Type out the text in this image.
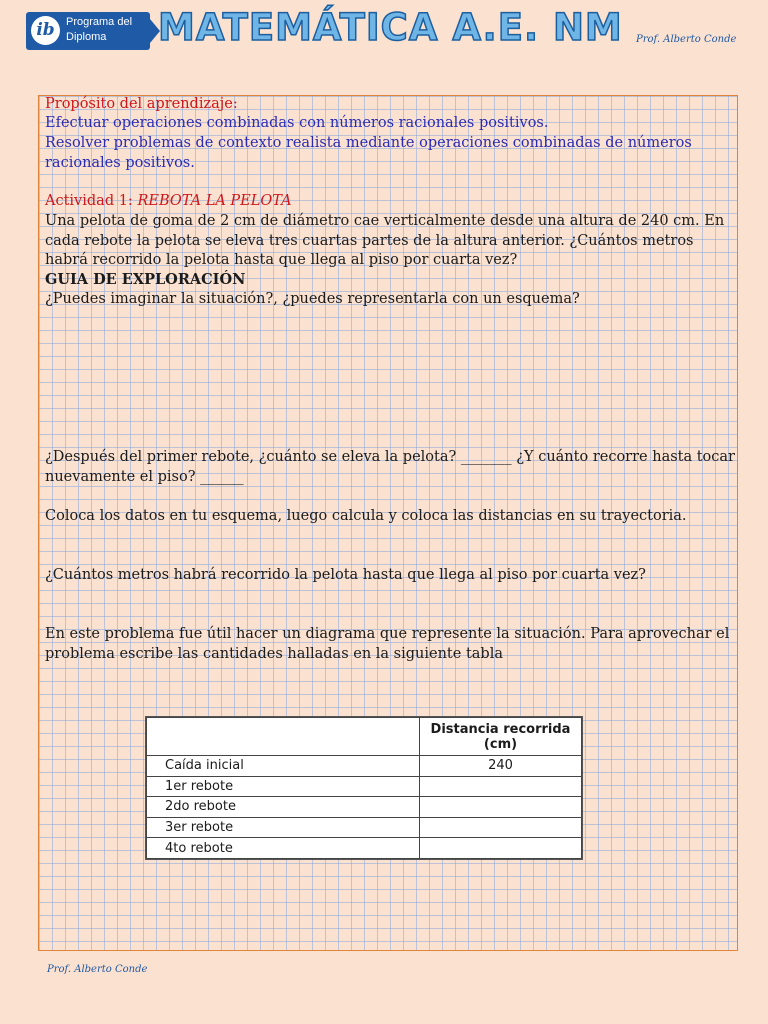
ib	Programa del Diploma	MATEMÁTICA A.E. NM Prof. Alberto Conde
Propósito del aprendizaje:
Efectuar operaciones combinadas con números racionales positivos.
Resolver problemas de contexto realista mediante operaciones combinadas de números racionales positivos.
Actividad 1: REBOTA LA PELOTA
Una pelota de goma de 2 cm de diámetro cae verticalmente desde una altura de 240 cm. En cada rebote la pelota se eleva tres cuartas partes de la altura anterior. ¿Cuántos metros habrá recorrido la pelota hasta que llega al piso por cuarta vez?
GUIA DE EXPLORACIÓN
¿Puedes imaginar la situación?, ¿puedes representarla con un esquema?
¿Después del primer rebote, ¿cuánto se eleva la pelota? _______ ¿Y cuánto recorre hasta tocar nuevamente el piso? ______
Coloca los datos en tu esquema, luego calcula y coloca las distancias en su trayectoria.
¿Cuántos metros habrá recorrido la pelota hasta que llega al piso por cuarta vez?
En este problema fue útil hacer un diagrama que represente la situación. Para aprovechar el problema escribe las cantidades halladas en la siguiente tabla
	Distancia recorrida (cm)
Caída inicial	240
1er rebote	
2do rebote	
3er rebote	
4to rebote	
Prof. Alberto Conde
